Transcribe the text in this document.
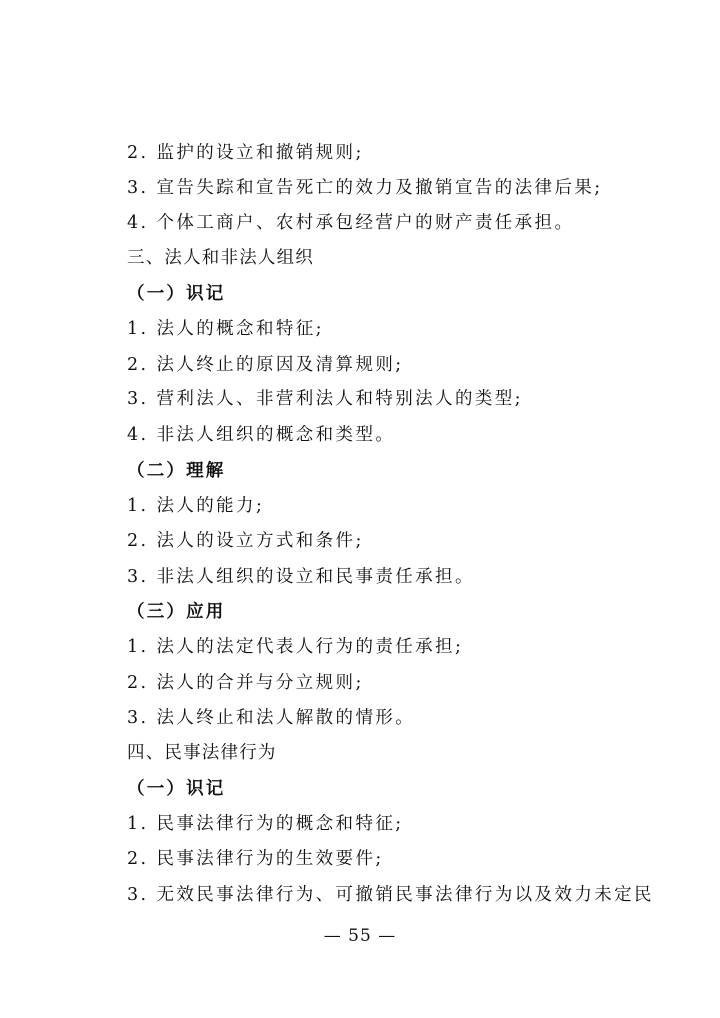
2. 监护的设立和撤销规则;
3. 宣告失踪和宣告死亡的效力及撤销宣告的法律后果;
4. 个体工商户、农村承包经营户的财产责任承担。
三、法人和非法人组织
（一）识记
1. 法人的概念和特征;
2. 法人终止的原因及清算规则;
3. 营利法人、非营利法人和特别法人的类型;
4. 非法人组织的概念和类型。
（二）理解
1. 法人的能力;
2. 法人的设立方式和条件;
3. 非法人组织的设立和民事责任承担。
（三）应用
1. 法人的法定代表人行为的责任承担;
2. 法人的合并与分立规则;
3. 法人终止和法人解散的情形。
四、民事法律行为
（一）识记
1. 民事法律行为的概念和特征;
2. 民事法律行为的生效要件;
3. 无效民事法律行为、可撤销民事法律行为以及效力未定民
— 55 —
